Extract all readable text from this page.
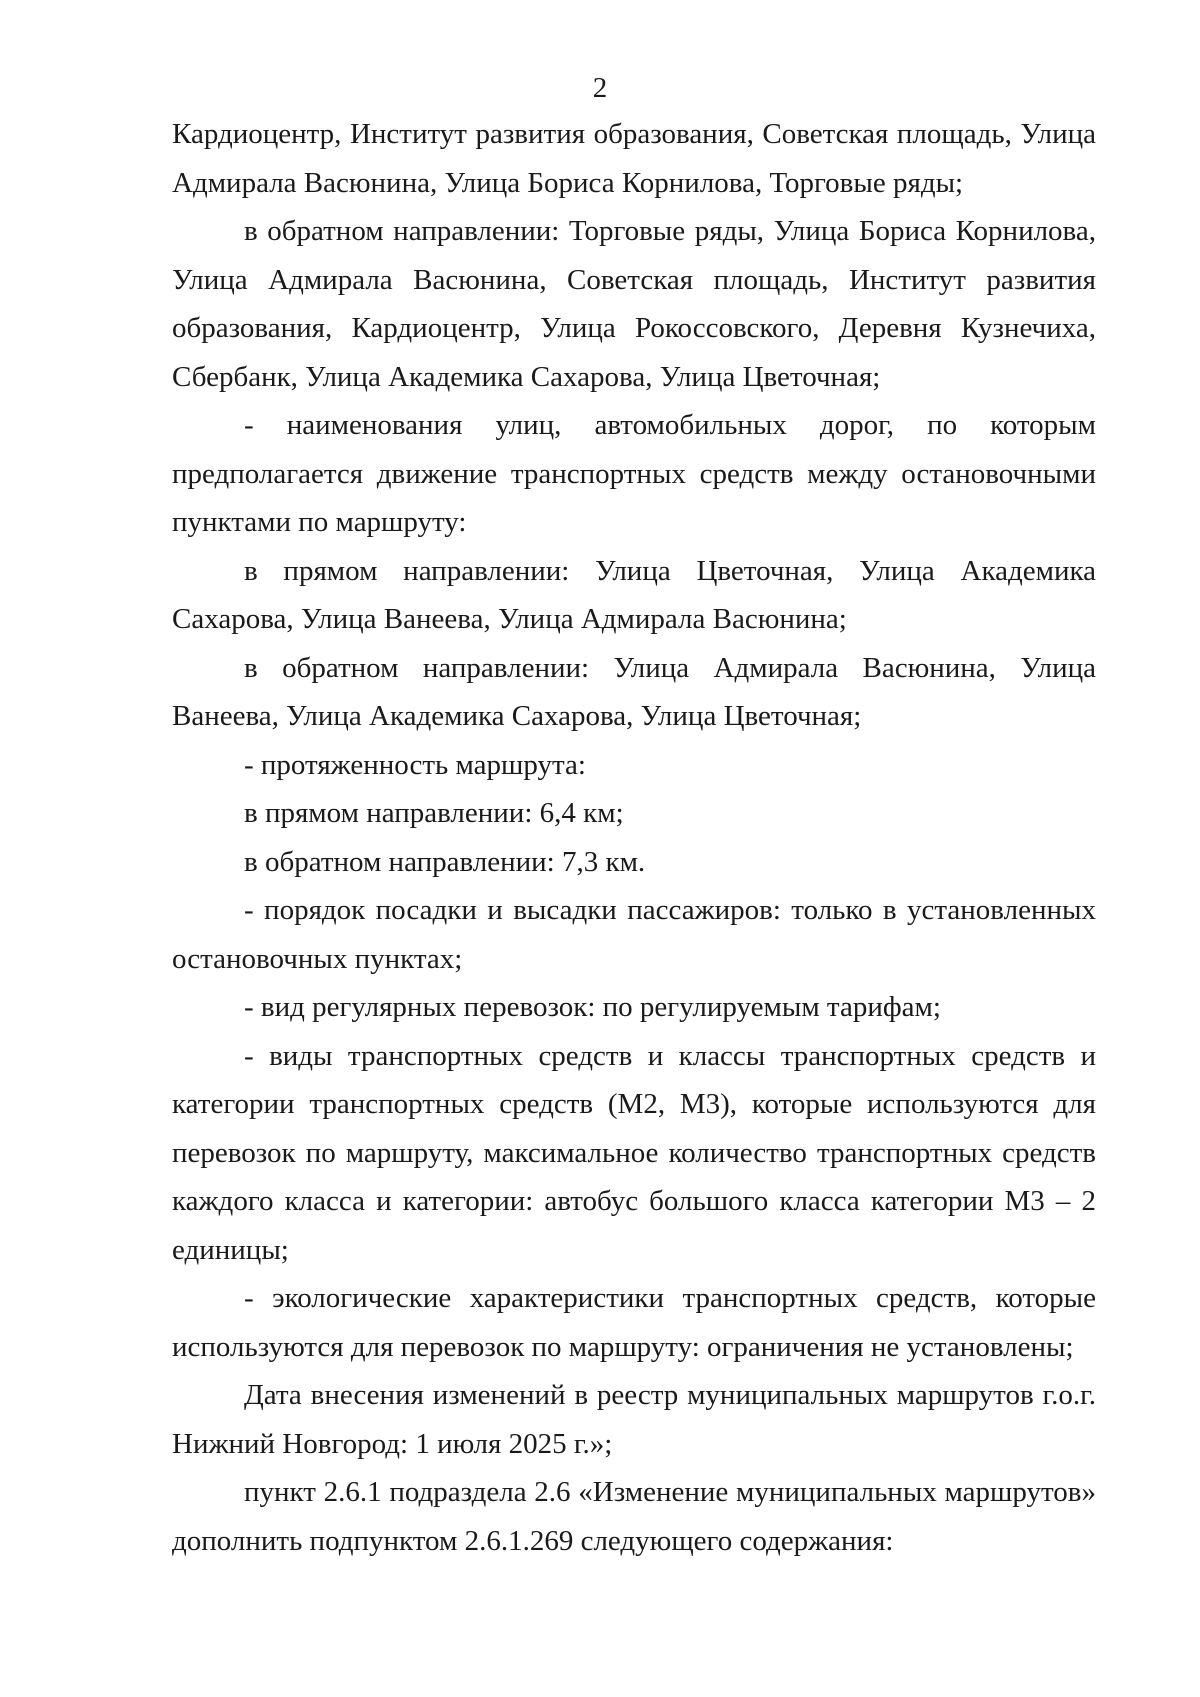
2

Кардиоцентр, Институт развития образования, Советская площадь, Улица Адмирала Васюнина, Улица Бориса Корнилова, Торговые ряды;

в обратном направлении: Торговые ряды, Улица Бориса Корнилова, Улица Адмирала Васюнина, Советская площадь, Институт развития образования, Кардиоцентр, Улица Рокоссовского, Деревня Кузнечиха, Сбербанк, Улица Академика Сахарова, Улица Цветочная;

- наименования улиц, автомобильных дорог, по которым предполагается движение транспортных средств между остановочными пунктами по маршруту:

в прямом направлении: Улица Цветочная, Улица Академика Сахарова, Улица Ванеева, Улица Адмирала Васюнина;

в обратном направлении: Улица Адмирала Васюнина, Улица Ванеева, Улица Академика Сахарова, Улица Цветочная;

- протяженность маршрута:

в прямом направлении: 6,4 км;

в обратном направлении: 7,3 км.

- порядок посадки и высадки пассажиров: только в установленных остановочных пунктах;

- вид регулярных перевозок: по регулируемым тарифам;

- виды транспортных средств и классы транспортных средств и категории транспортных средств (М2, М3), которые используются для перевозок по маршруту, максимальное количество транспортных средств каждого класса и категории: автобус большого класса категории М3 – 2 единицы;

- экологические характеристики транспортных средств, которые используются для перевозок по маршруту: ограничения не установлены;

Дата внесения изменений в реестр муниципальных маршрутов г.о.г. Нижний Новгород: 1 июля 2025 г.»;

пункт 2.6.1 подраздела 2.6 «Изменение муниципальных маршрутов» дополнить подпунктом 2.6.1.269 следующего содержания:
